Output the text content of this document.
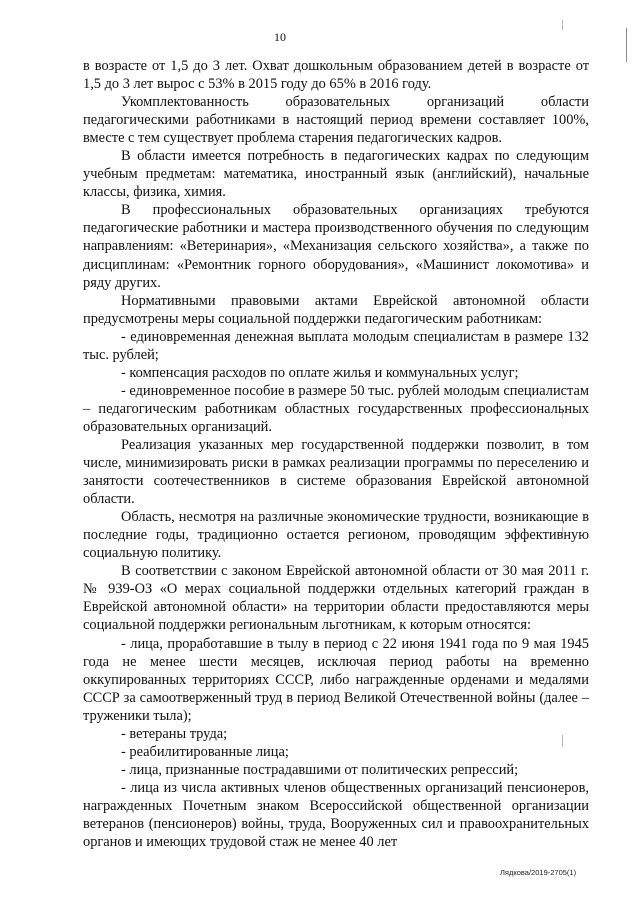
10

в возрасте от 1,5 до 3 лет. Охват дошкольным образованием детей в возрасте от 1,5 до 3 лет вырос с 53% в 2015 году до 65% в 2016 году.

Укомплектованность образовательных организаций области педагогическими работниками в настоящий период времени составляет 100%, вместе с тем существует проблема старения педагогических кадров.

В области имеется потребность в педагогических кадрах по следующим учебным предметам: математика, иностранный язык (английский), начальные классы, физика, химия.

В профессиональных образовательных организациях требуются педагогические работники и мастера производственного обучения по следующим направлениям: «Ветеринария», «Механизация сельского хозяйства», а также по дисциплинам: «Ремонтник горного оборудования», «Машинист локомотива» и ряду других.

Нормативными правовыми актами Еврейской автономной области предусмотрены меры социальной поддержки педагогическим работникам:

- единовременная денежная выплата молодым специалистам в размере 132 тыс. рублей;

- компенсация расходов по оплате жилья и коммунальных услуг;

- единовременное пособие в размере 50 тыс. рублей молодым специалистам – педагогическим работникам областных государственных профессиональных образовательных организаций.

Реализация указанных мер государственной поддержки позволит, в том числе, минимизировать риски в рамках реализации программы по переселению и занятости соотечественников в системе образования Еврейской автономной области.

Область, несмотря на различные экономические трудности, возникающие в последние годы, традиционно остается регионом, проводящим эффективную социальную политику.

В соответствии с законом Еврейской автономной области от 30 мая 2011 г. № 939-ОЗ «О мерах социальной поддержки отдельных категорий граждан в Еврейской автономной области» на территории области предоставляются меры социальной поддержки региональным льготникам, к которым относятся:

- лица, проработавшие в тылу в период с 22 июня 1941 года по 9 мая 1945 года не менее шести месяцев, исключая период работы на временно оккупированных территориях СССР, либо награжденные орденами и медалями СССР за самоотверженный труд в период Великой Отечественной войны (далее – труженики тыла);

- ветераны труда;

- реабилитированные лица;

- лица, признанные пострадавшими от политических репрессий;

- лица из числа активных членов общественных организаций пенсионеров, награжденных Почетным знаком Всероссийской общественной организации ветеранов (пенсионеров) войны, труда, Вооруженных сил и правоохранительных органов и имеющих трудовой стаж не менее 40 лет

Лядкова/2019-2705(1)
